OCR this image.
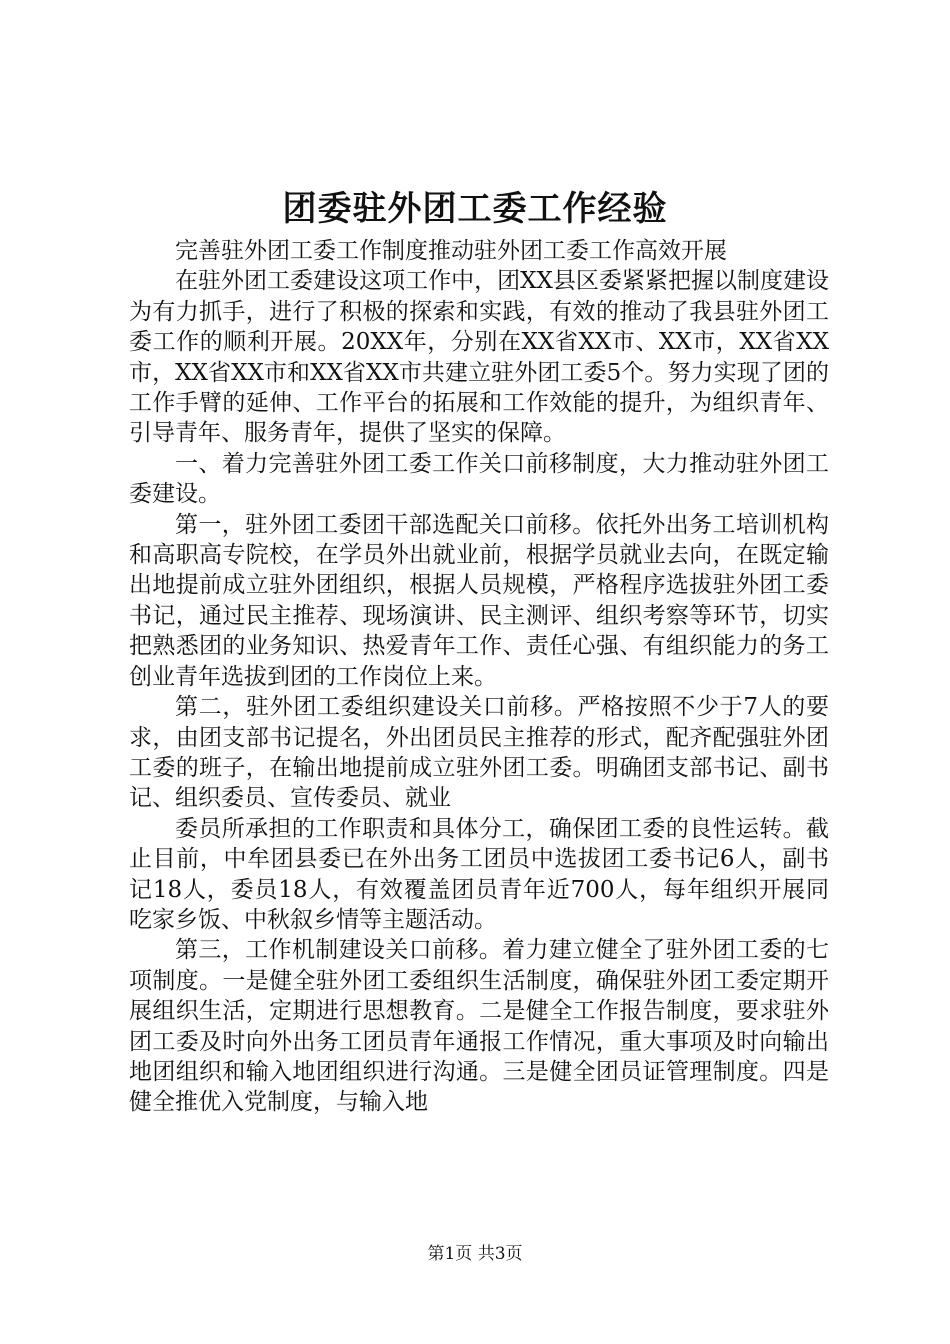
团委驻外团工委工作经验

完善驻外团工委工作制度推动驻外团工委工作高效开展

在驻外团工委建设这项工作中，团XX县区委紧紧把握以制度建设为有力抓手，进行了积极的探索和实践，有效的推动了我县驻外团工委工作的顺利开展。20XX年，分别在XX省XX市、XX市，XX省XX市，XX省XX市和XX省XX市共建立驻外团工委5个。努力实现了团的工作手臂的延伸、工作平台的拓展和工作效能的提升，为组织青年、引导青年、服务青年，提供了坚实的保障。

一、着力完善驻外团工委工作关口前移制度，大力推动驻外团工委建设。

第一，驻外团工委团干部选配关口前移。依托外出务工培训机构和高职高专院校，在学员外出就业前，根据学员就业去向，在既定输出地提前成立驻外团组织，根据人员规模，严格程序选拔驻外团工委书记，通过民主推荐、现场演讲、民主测评、组织考察等环节，切实把熟悉团的业务知识、热爱青年工作、责任心强、有组织能力的务工创业青年选拔到团的工作岗位上来。

第二，驻外团工委组织建设关口前移。严格按照不少于7人的要求，由团支部书记提名，外出团员民主推荐的形式，配齐配强驻外团工委的班子，在输出地提前成立驻外团工委。明确团支部书记、副书记、组织委员、宣传委员、就业

委员所承担的工作职责和具体分工，确保团工委的良性运转。截止目前，中牟团县委已在外出务工团员中选拔团工委书记6人，副书记18人，委员18人，有效覆盖团员青年近700人，每年组织开展同吃家乡饭、中秋叙乡情等主题活动。

第三，工作机制建设关口前移。着力建立健全了驻外团工委的七项制度。一是健全驻外团工委组织生活制度，确保驻外团工委定期开展组织生活，定期进行思想教育。二是健全工作报告制度，要求驻外团工委及时向外出务工团员青年通报工作情况，重大事项及时向输出地团组织和输入地团组织进行沟通。三是健全团员证管理制度。四是健全推优入党制度，与输入地

第1页 共3页
